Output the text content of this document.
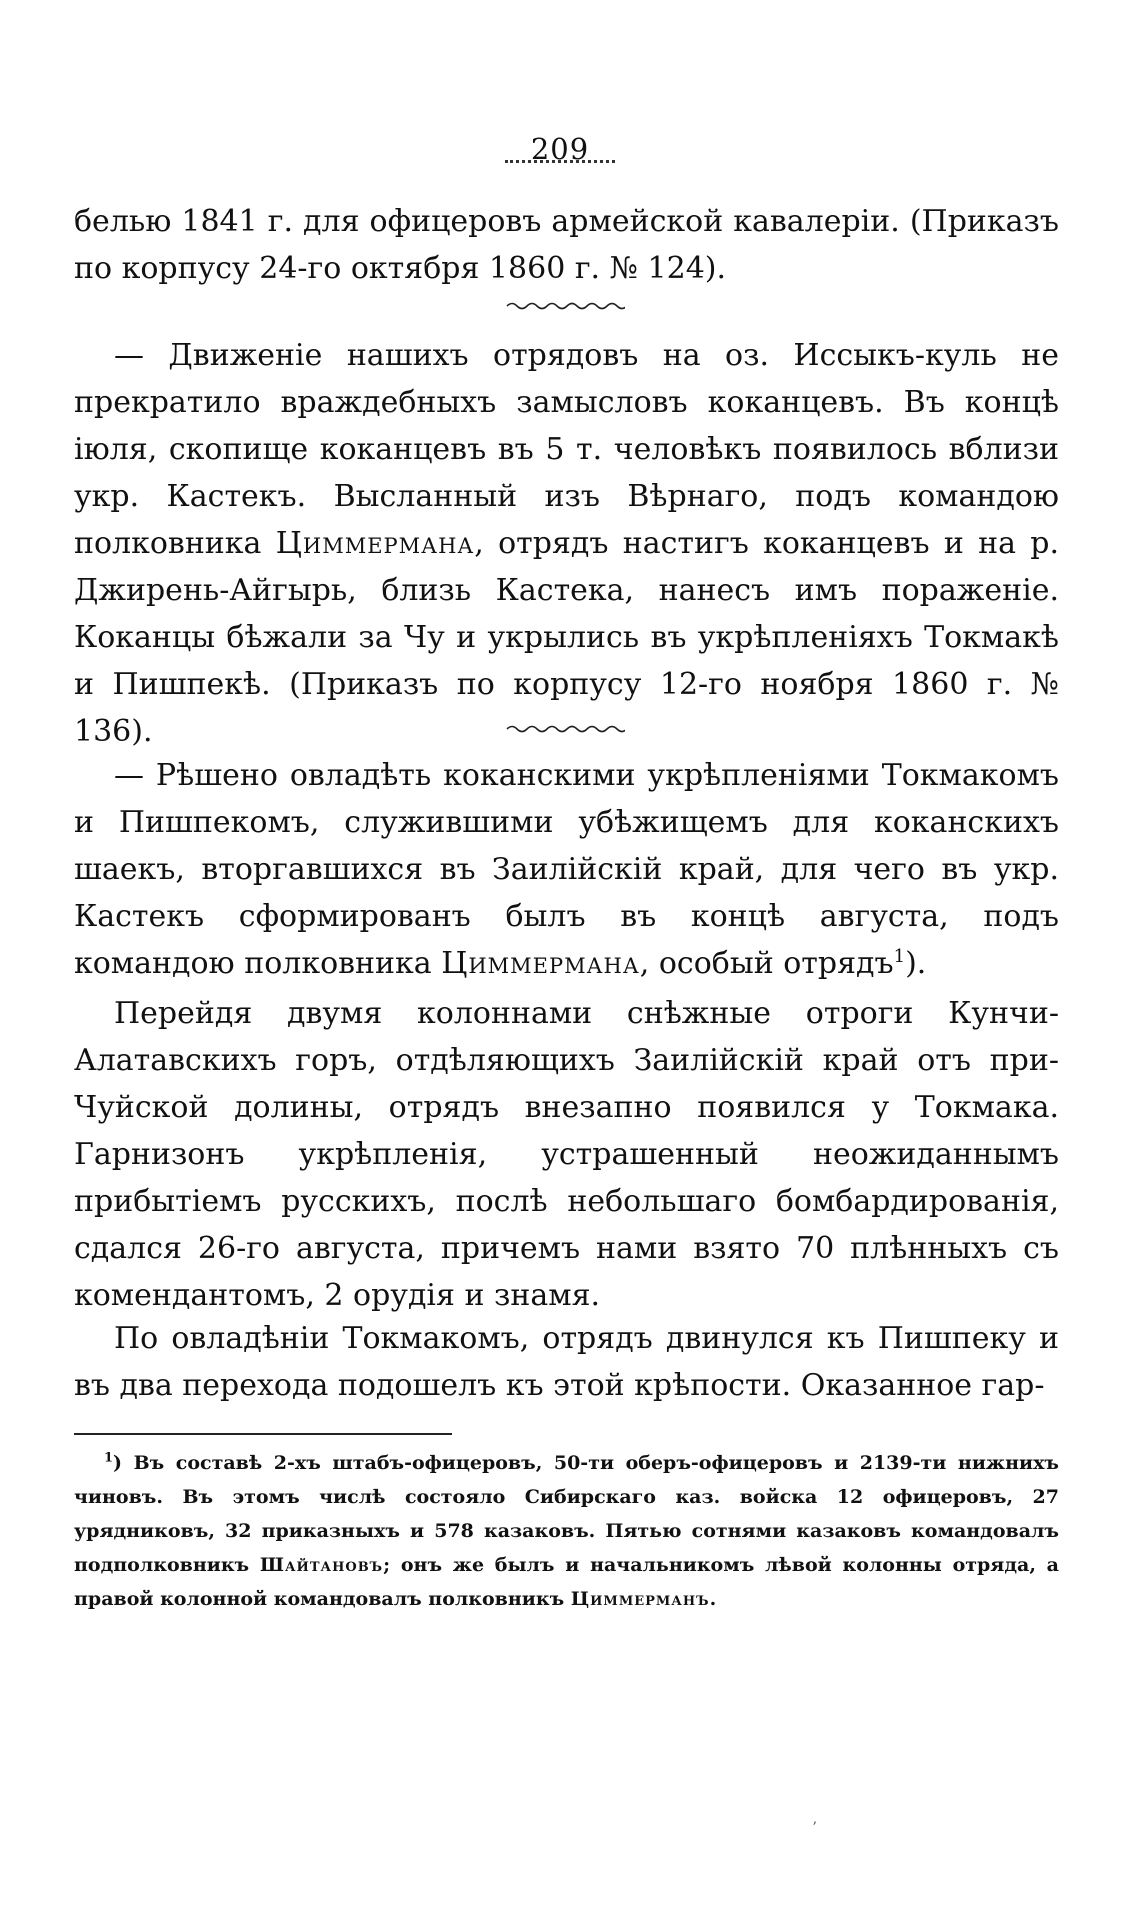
209

белью 1841 г. для офицеровъ армейской кавалеріи. (Приказъ по корпусу 24-го октября 1860 г. № 124).

— Движеніе нашихъ отрядовъ на оз. Иссыкъ-куль не прекратило враждебныхъ замысловъ коканцевъ. Въ концѣ іюля, скопище коканцевъ въ 5 т. человѣкъ появилось вблизи укр. Кастекъ. Высланный изъ Вѣрнаго, подъ командою полковника Циммермана, отрядъ настигъ коканцевъ и на р. Джирень-Айгырь, близь Кастека, нанесъ имъ пораженіе. Коканцы бѣжали за Чу и укрылись въ укрѣпленіяхъ Токмакѣ и Пишпекѣ. (Приказъ по корпусу 12-го ноября 1860 г. № 136).

— Рѣшено овладѣть коканскими укрѣпленіями Токмакомъ и Пишпекомъ, служившими убѣжищемъ для коканскихъ шаекъ, вторгавшихся въ Заилійскій край, для чего въ укр. Кастекъ сформированъ былъ въ концѣ августа, подъ командою полковника Циммермана, особый отрядъ$^1$).

Перейдя двумя колоннами снѣжные отроги Кунчи-Алатавскихъ горъ, отдѣляющихъ Заилійскій край отъ при-Чуйской долины, отрядъ внезапно появился у Токмака. Гарнизонъ укрѣпленія, устрашенный неожиданнымъ прибытіемъ русскихъ, послѣ небольшаго бомбардированія, сдался 26-го августа, причемъ нами взято 70 плѣнныхъ съ комендантомъ, 2 орудія и знамя.

По овладѣніи Токмакомъ, отрядъ двинулся къ Пишпеку и въ два перехода подошелъ къ этой крѣпости. Оказанное гар-

$^1$) Въ составѣ 2-хъ штабъ-офицеровъ, 50-ти оберъ-офицеровъ и 2139-ти нижнихъ чиновъ. Въ этомъ числѣ состояло Сибирскаго каз. войска 12 офицеровъ, 27 урядниковъ, 32 приказныхъ и 578 казаковъ. Пятью сотнями казаковъ командовалъ подполковникъ Шайтановъ; онъ же былъ и начальникомъ лѣвой колонны отряда, а правой колонной командовалъ полковникъ Циммерманъ.

ʼ
